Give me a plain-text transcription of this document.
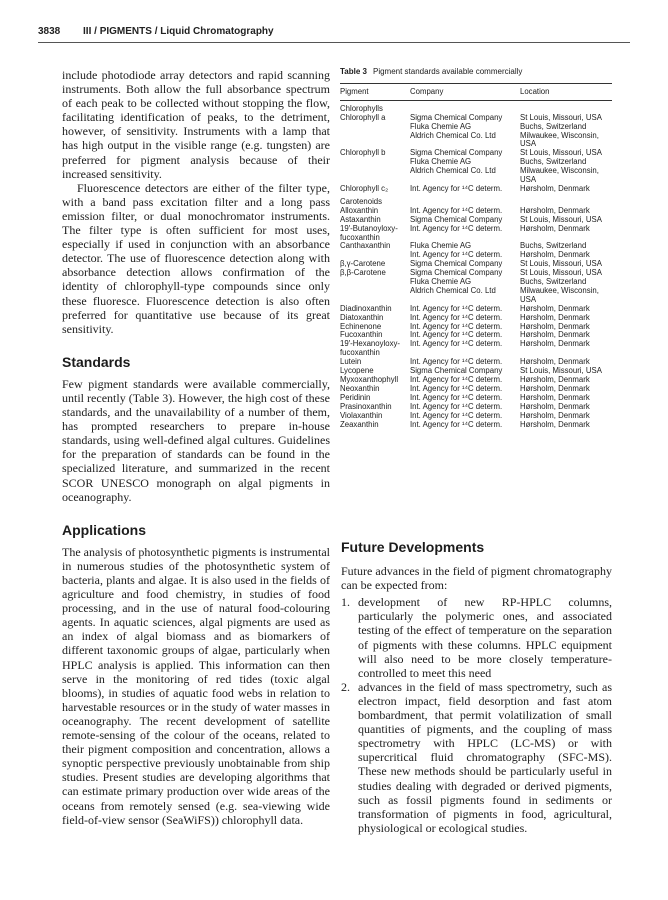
3838 III / PIGMENTS / Liquid Chromatography

include photodiode array detectors and rapid scanning instruments. Both allow the full absorbance spectrum of each peak to be collected without stopping the flow, facilitating identification of peaks, to the detriment, however, of sensitivity. Instruments with a lamp that has high output in the visible range (e.g. tungsten) are preferred for pigment analysis because of their increased sensitivity.

Fluorescence detectors are either of the filter type, with a band pass excitation filter and a long pass emission filter, or dual monochromator instruments. The filter type is often sufficient for most uses, especially if used in conjunction with an absorbance detector. The use of fluorescence detection along with absorbance detection allows confirmation of the identity of chlorophyll-type compounds since only these fluoresce. Fluorescence detection is also often preferred for quantitative use because of its great sensitivity.

Standards

Few pigment standards were available commercially, until recently (Table 3). However, the high cost of these standards, and the unavailability of a number of them, has prompted researchers to prepare in-house standards, using well-defined algal cultures. Guidelines for the preparation of standards can be found in the specialized literature, and summarized in the recent SCOR UNESCO monograph on algal pigments in oceanography.

Applications

The analysis of photosynthetic pigments is instrumental in numerous studies of the photosynthetic system of bacteria, plants and algae. It is also used in the fields of agriculture and food chemistry, in studies of food processing, and in the use of natural food-colouring agents. In aquatic sciences, algal pigments are used as an index of algal biomass and as biomarkers of different taxonomic groups of algae, particularly when HPLC analysis is applied. This information can then serve in the monitoring of red tides (toxic algal blooms), in studies of aquatic food webs in relation to harvestable resources or in the study of water masses in oceanography. The recent development of satellite remote-sensing of the colour of the oceans, related to their pigment composition and concentration, allows a synoptic perspective previously unobtainable from ship studies. Present studies are developing algorithms that can estimate primary production over wide areas of the oceans from remotely sensed (e.g. sea-viewing wide field-of-view sensor (SeaWiFS)) chlorophyll data.

Table 3 Pigment standards available commercially
Pigment	Company	Location

Chlorophylls		
Chlorophyll a	Sigma Chemical Company	St Louis, Missouri, USA
	Fluka Chemie AG	Buchs, Switzerland
	Aldrich Chemical Co. Ltd	Milwaukee, Wisconsin, USA
Chlorophyll b	Sigma Chemical Company	St Louis, Missouri, USA
	Fluka Chemie AG	Buchs, Switzerland
	Aldrich Chemical Co. Ltd	Milwaukee, Wisconsin, USA
Chlorophyll c₂	Int. Agency for ¹⁴C determ.	Hørsholm, Denmark
Carotenoids		
Alloxanthin	Int. Agency for ¹⁴C determ.	Hørsholm, Denmark
Astaxanthin	Sigma Chemical Company	St Louis, Missouri, USA
19′-Butanoyloxy-fucoxanthin	Int. Agency for ¹⁴C determ.	Hørsholm, Denmark
Canthaxanthin	Fluka Chemie AG	Buchs, Switzerland
	Int. Agency for ¹⁴C determ.	Hørsholm, Denmark
β,γ-Carotene	Sigma Chemical Company	St Louis, Missouri, USA
β,β-Carotene	Sigma Chemical Company	St Louis, Missouri, USA
	Fluka Chemie AG	Buchs, Switzerland
	Aldrich Chemical Co. Ltd	Milwaukee, Wisconsin, USA
Diadinoxanthin	Int. Agency for ¹⁴C determ.	Hørsholm, Denmark
Diatoxanthin	Int. Agency for ¹⁴C determ.	Hørsholm, Denmark
Echinenone	Int. Agency for ¹⁴C determ.	Hørsholm, Denmark
Fucoxanthin	Int. Agency for ¹⁴C determ.	Hørsholm, Denmark
19′-Hexanoyloxy-fucoxanthin	Int. Agency for ¹⁴C determ.	Hørsholm, Denmark
Lutein	Int. Agency for ¹⁴C determ.	Hørsholm, Denmark
Lycopene	Sigma Chemical Company	St Louis, Missouri, USA
Myxoxanthophyll	Int. Agency for ¹⁴C determ.	Hørsholm, Denmark
Neoxanthin	Int. Agency for ¹⁴C determ.	Hørsholm, Denmark
Peridinin	Int. Agency for ¹⁴C determ.	Hørsholm, Denmark
Prasinoxanthin	Int. Agency for ¹⁴C determ.	Hørsholm, Denmark
Violaxanthin	Int. Agency for ¹⁴C determ.	Hørsholm, Denmark
Zeaxanthin	Int. Agency for ¹⁴C determ.	Hørsholm, Denmark
Future Developments

Future advances in the field of pigment chromatography can be expected from:

1. development of new RP-HPLC columns, particularly the polymeric ones, and associated testing of the effect of temperature on the separation of pigments with these columns. HPLC equipment will also need to be more closely temperature-controlled to meet this need
2. advances in the field of mass spectrometry, such as electron impact, field desorption and fast atom bombardment, that permit volatilization of small quantities of pigments, and the coupling of mass spectrometry with HPLC (LC-MS) or with supercritical fluid chromatography (SFC-MS). These new methods should be particularly useful in studies dealing with degraded or derived pigments, such as fossil pigments found in sediments or transformation of pigments in food, agricultural, physiological or ecological studies.
